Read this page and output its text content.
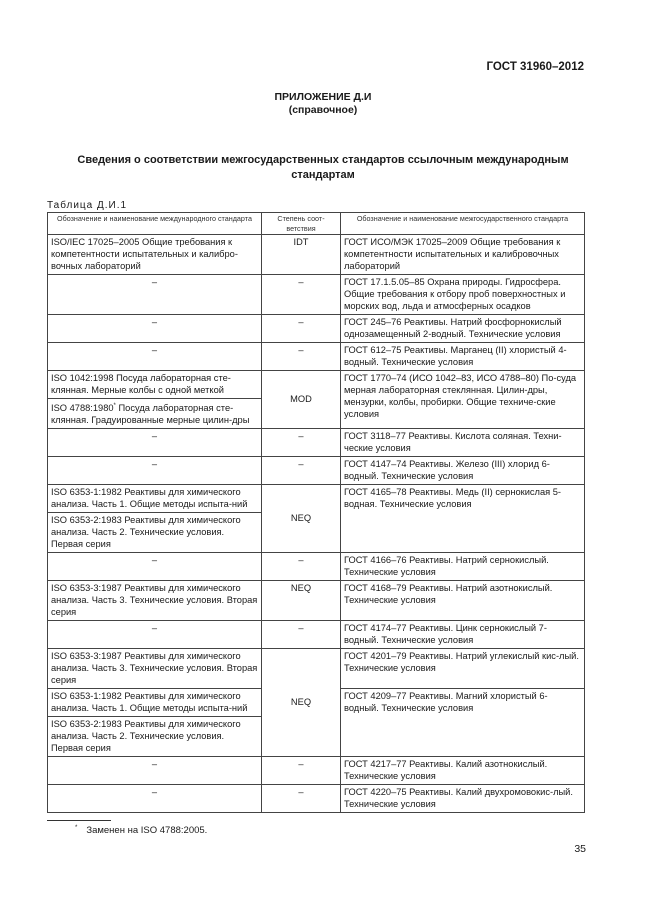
ГОСТ 31960–2012
ПРИЛОЖЕНИЕ Д.И
(справочное)
Сведения о соответствии межгосударственных стандартов ссылочным международным стандартам
Таблица Д.И.1
Обозначение и наименование международного стандарта	Степень соот-ветствия	Обозначение и наименование межгосударственного стандарта
ISO/IEC 17025–2005 Общие требования к компетентности испытательных и калибро-вочных лабораторий	IDT	ГОСТ ИСО/МЭК 17025–2009 Общие требования к компетентности испытательных и калибровочных лабораторий
–	–	ГОСТ 17.1.5.05–85 Охрана природы. Гидросфера. Общие требования к отбору проб поверхностных и морских вод, льда и атмосферных осадков
–	–	ГОСТ 245–76 Реактивы. Натрий фосфорнокислый однозамещенный 2-водный. Технические условия
–	–	ГОСТ 612–75 Реактивы. Марганец (II) хлористый 4-водный. Технические условия
ISO 1042:1998 Посуда лабораторная сте-клянная. Мерные колбы с одной меткой	MOD	ГОСТ 1770–74 (ИСО 1042–83, ИСО 4788–80) По-суда мерная лабораторная стеклянная. Цилин-дры, мензурки, колбы, пробирки. Общие техниче-ские условия
ISO 4788:1980* Посуда лабораторная сте-клянная. Градуированные мерные цилин-дры		
–	–	ГОСТ 3118–77 Реактивы. Кислота соляная. Техни-ческие условия
–	–	ГОСТ 4147–74 Реактивы. Железо (III) хлорид 6-водный. Технические условия
ISO 6353-1:1982 Реактивы для химического анализа. Часть 1. Общие методы испыта-ний	NEQ	ГОСТ 4165–78 Реактивы. Медь (II) сернокислая 5-водная. Технические условия
ISO 6353-2:1983 Реактивы для химического анализа. Часть 2. Технические условия. Первая серия		
–	–	ГОСТ 4166–76 Реактивы. Натрий сернокислый. Технические условия
ISO 6353-3:1987 Реактивы для химического анализа. Часть 3. Технические условия. Вторая серия	NEQ	ГОСТ 4168–79 Реактивы. Натрий азотнокислый. Технические условия
–	–	ГОСТ 4174–77 Реактивы. Цинк сернокислый 7-водный. Технические условия
ISO 6353-3:1987 Реактивы для химического анализа. Часть 3. Технические условия. Вторая серия	NEQ	ГОСТ 4201–79 Реактивы. Натрий углекислый кис-лый. Технические условия
ISO 6353-1:1982 Реактивы для химического анализа. Часть 1. Общие методы испыта-ний		ГОСТ 4209–77 Реактивы. Магний хлористый 6-водный. Технические условия
ISO 6353-2:1983 Реактивы для химического анализа. Часть 2. Технические условия. Первая серия		
–	–	ГОСТ 4217–77 Реактивы. Калий азотнокислый. Технические условия
–	–	ГОСТ 4220–75 Реактивы. Калий двухромовокис-лый. Технические условия
* Заменен на ISO 4788:2005.
35
